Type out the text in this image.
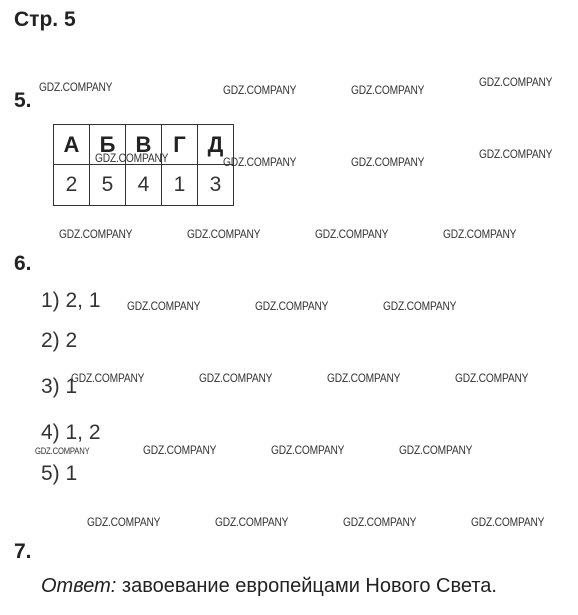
Стр. 5
5.
А	Б	В	Г	Д
2	5	4	1	3
6.
1) 2, 1
2) 2
3) 1
4) 1, 2
5) 1
7.
Ответ: завоевание европейцами Нового Света.
GDZ.COMPANY	GDZ.COMPANY	GDZ.COMPANY
GDZ.COMPANY
GDZ.COMPANY	GDZ.COMPANY	GDZ.COMPANY
GDZ.COMPANY
GDZ.COMPANY	GDZ.COMPANY	GDZ.COMPANY	GDZ.COMPANY
GDZ.COMPANY	GDZ.COMPANY	GDZ.COMPANY
GDZ.COMPANY	GDZ.COMPANY	GDZ.COMPANY	GDZ.COMPANY
GDZ.COMPANY	GDZ.COMPANY	GDZ.COMPANY	GDZ.COMPANY
GDZ.COMPANY	GDZ.COMPANY	GDZ.COMPANY	GDZ.COMPANY
